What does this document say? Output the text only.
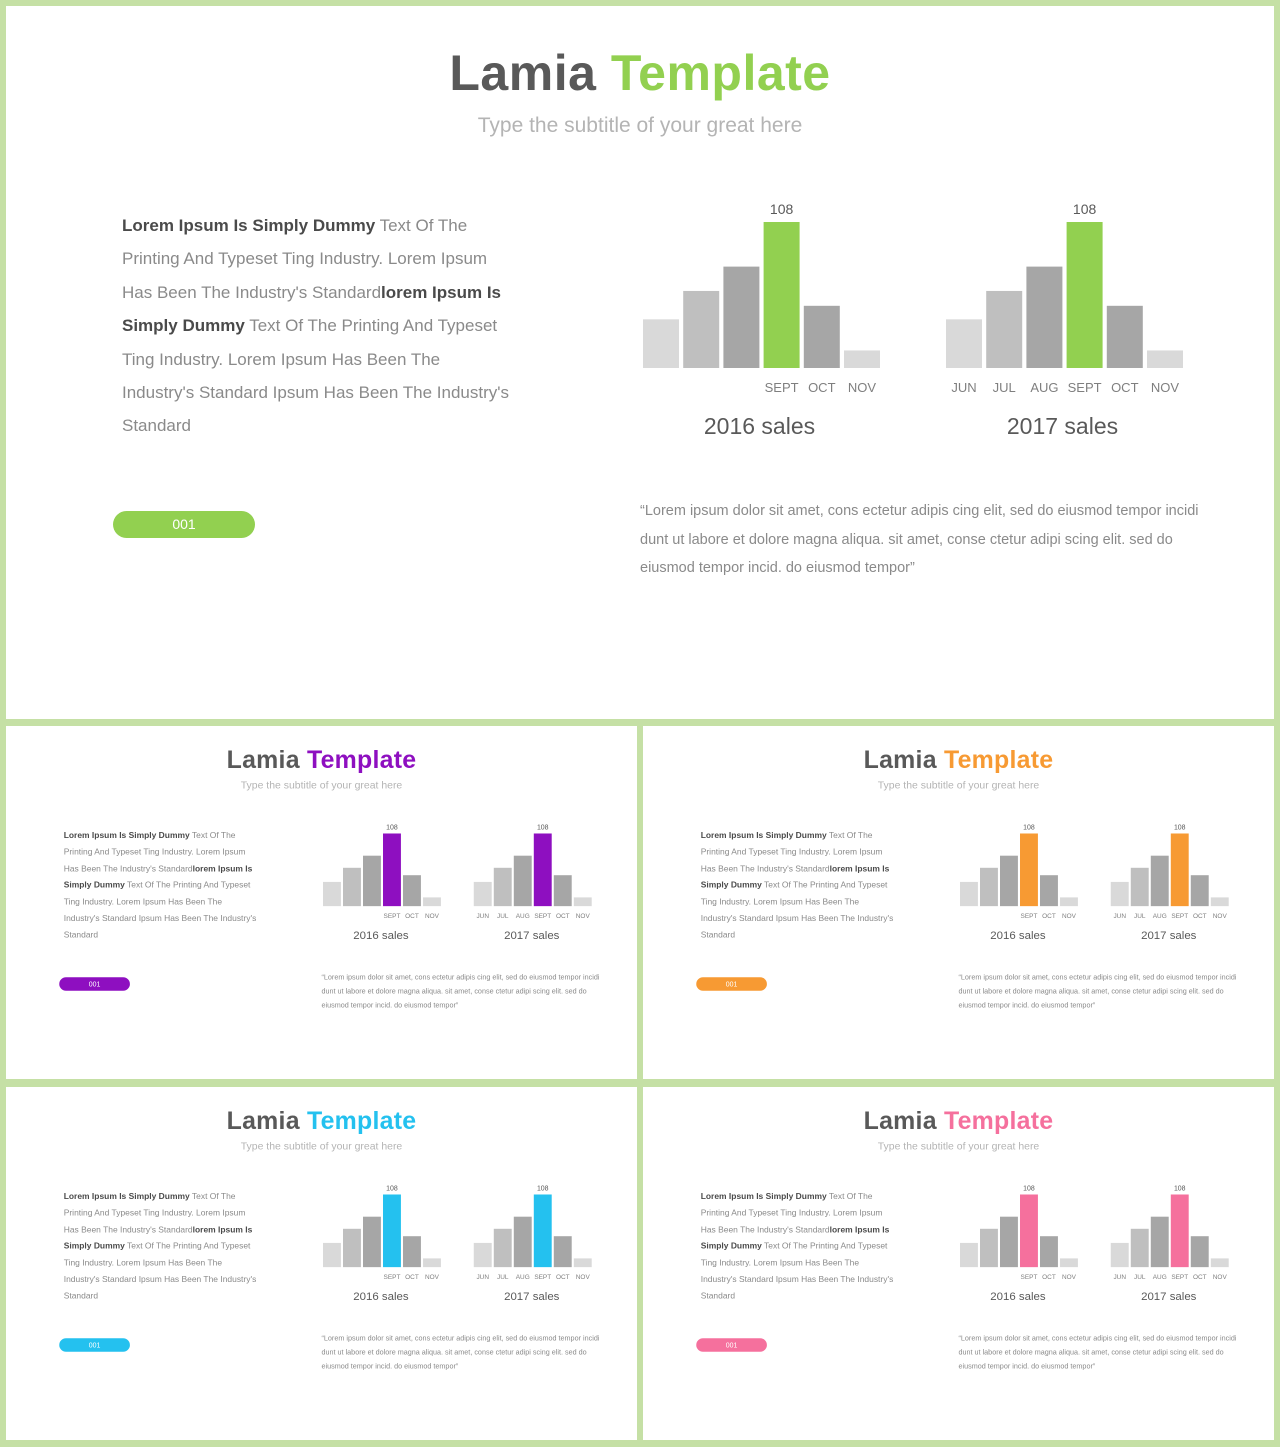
Lamia Template

Type the subtitle of your great here

Lorem Ipsum Is Simply Dummy Text Of The Printing And Typeset Ting Industry. Lorem Ipsum Has Been The Industry's Standardlorem Ipsum Is Simply Dummy Text Of The Printing And Typeset Ting Industry. Lorem Ipsum Has Been The Industry's Standard Ipsum Has Been The Industry's Standard

001
108
SEPT OCT NOV
2016 sales
JUN JUL AUG
108
SEPT OCT NOV
2017 sales

“Lorem ipsum dolor sit amet, cons ectetur adipis cing elit, sed do eiusmod tempor incidi dunt ut labore et dolore magna aliqua. sit amet, conse ctetur adipi scing elit. sed do eiusmod tempor incid. do eiusmod tempor”

Lamia Template

Type the subtitle of your great here

Lorem Ipsum Is Simply Dummy Text Of The Printing And Typeset Ting Industry. Lorem Ipsum Has Been The Industry's Standardlorem Ipsum Is Simply Dummy Text Of The Printing And Typeset Ting Industry. Lorem Ipsum Has Been The Industry's Standard Ipsum Has Been The Industry's Standard

001
108
SEPT OCT NOV
2016 sales
JUN JUL AUG
108
SEPT OCT NOV
2017 sales

“Lorem ipsum dolor sit amet, cons ectetur adipis cing elit, sed do eiusmod tempor incidi dunt ut labore et dolore magna aliqua. sit amet, conse ctetur adipi scing elit. sed do eiusmod tempor incid. do eiusmod tempor”

Lamia Template

Type the subtitle of your great here

Lorem Ipsum Is Simply Dummy Text Of The Printing And Typeset Ting Industry. Lorem Ipsum Has Been The Industry's Standardlorem Ipsum Is Simply Dummy Text Of The Printing And Typeset Ting Industry. Lorem Ipsum Has Been The Industry's Standard Ipsum Has Been The Industry's Standard

001
108
SEPT OCT NOV
2016 sales
JUN JUL AUG
108
SEPT OCT NOV
2017 sales

“Lorem ipsum dolor sit amet, cons ectetur adipis cing elit, sed do eiusmod tempor incidi dunt ut labore et dolore magna aliqua. sit amet, conse ctetur adipi scing elit. sed do eiusmod tempor incid. do eiusmod tempor”

Lamia Template

Type the subtitle of your great here

Lorem Ipsum Is Simply Dummy Text Of The Printing And Typeset Ting Industry. Lorem Ipsum Has Been The Industry's Standardlorem Ipsum Is Simply Dummy Text Of The Printing And Typeset Ting Industry. Lorem Ipsum Has Been The Industry's Standard Ipsum Has Been The Industry's Standard

001
108
SEPT OCT NOV
2016 sales
JUN JUL AUG
108
SEPT OCT NOV
2017 sales

“Lorem ipsum dolor sit amet, cons ectetur adipis cing elit, sed do eiusmod tempor incidi dunt ut labore et dolore magna aliqua. sit amet, conse ctetur adipi scing elit. sed do eiusmod tempor incid. do eiusmod tempor”

Lamia Template

Type the subtitle of your great here

Lorem Ipsum Is Simply Dummy Text Of The Printing And Typeset Ting Industry. Lorem Ipsum Has Been The Industry's Standardlorem Ipsum Is Simply Dummy Text Of The Printing And Typeset Ting Industry. Lorem Ipsum Has Been The Industry's Standard Ipsum Has Been The Industry's Standard

001
108
SEPT OCT NOV
2016 sales
JUN JUL AUG
108
SEPT OCT NOV
2017 sales

“Lorem ipsum dolor sit amet, cons ectetur adipis cing elit, sed do eiusmod tempor incidi dunt ut labore et dolore magna aliqua. sit amet, conse ctetur adipi scing elit. sed do eiusmod tempor incid. do eiusmod tempor”
